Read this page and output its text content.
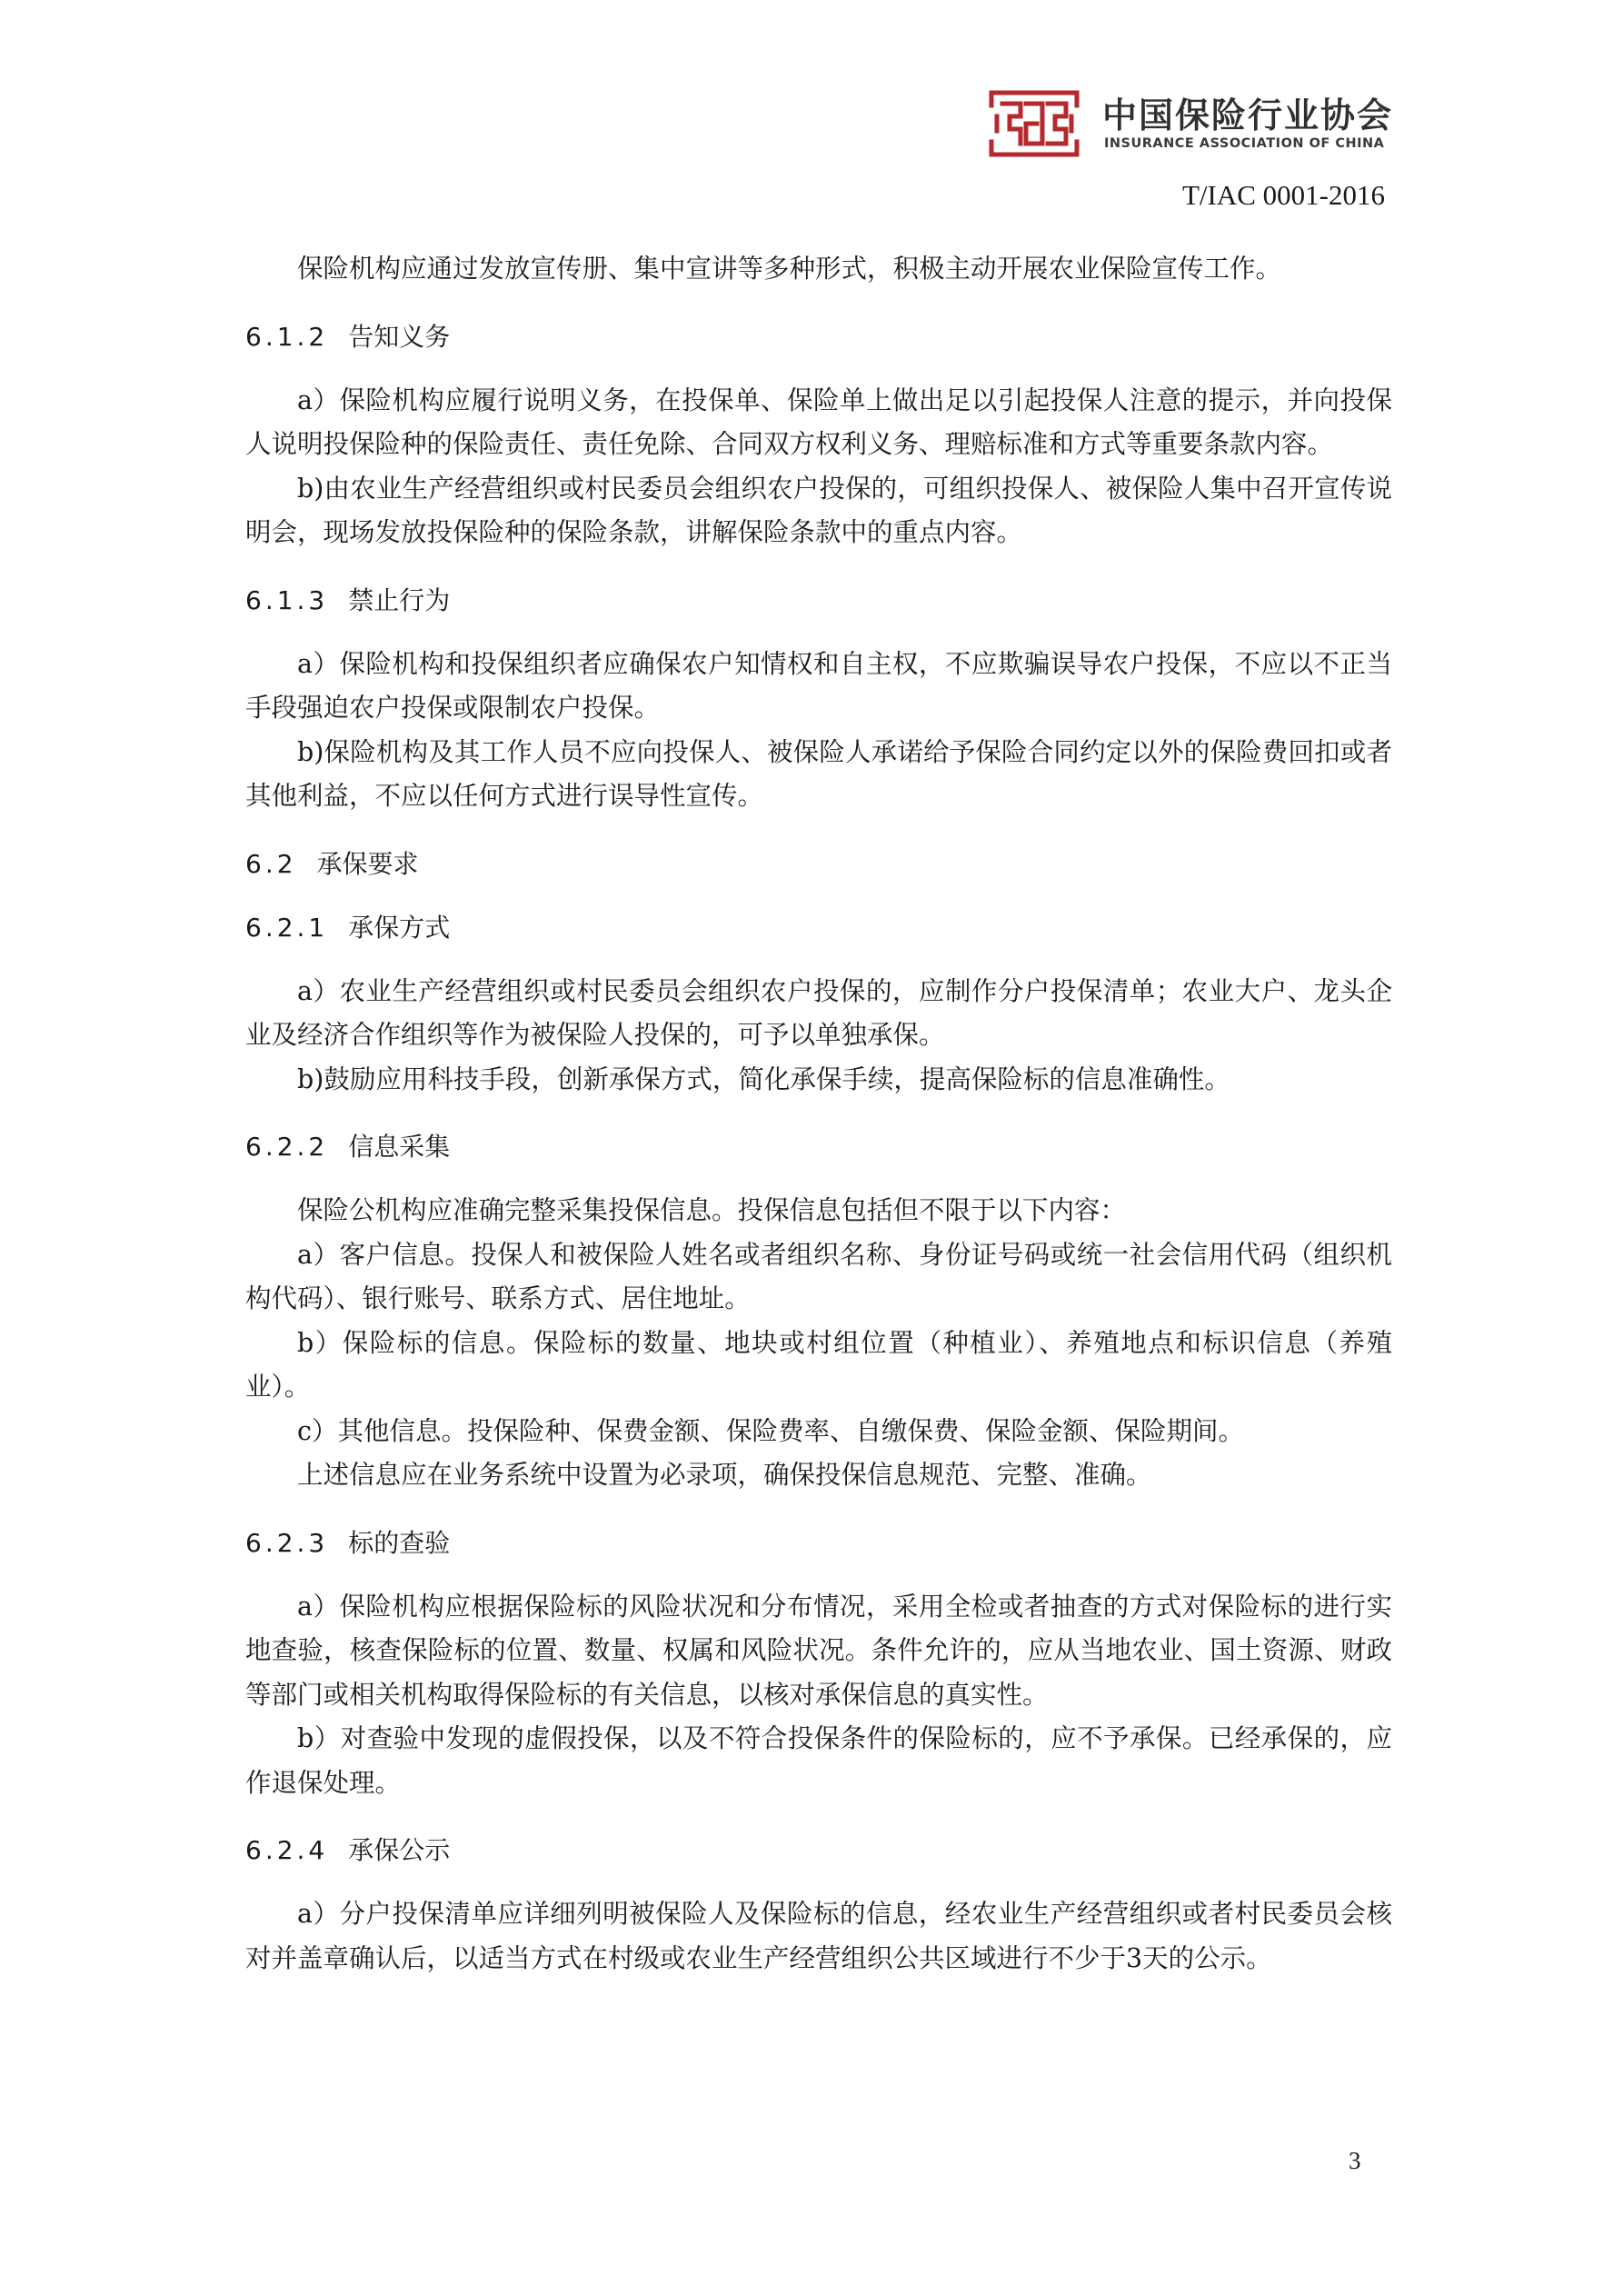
中国保险行业协会
INSURANCE ASSOCIATION OF CHINA
T/IAC 0001-2016

保险机构应通过发放宣传册、集中宣讲等多种形式，积极主动开展农业保险宣传工作。

6.1.2 告知义务

a）保险机构应履行说明义务，在投保单、保险单上做出足以引起投保人注意的提示，并向投保人说明投保险种的保险责任、责任免除、合同双方权利义务、理赔标准和方式等重要条款内容。

b)由农业生产经营组织或村民委员会组织农户投保的，可组织投保人、被保险人集中召开宣传说明会，现场发放投保险种的保险条款，讲解保险条款中的重点内容。

6.1.3 禁止行为

a）保险机构和投保组织者应确保农户知情权和自主权，不应欺骗误导农户投保，不应以不正当手段强迫农户投保或限制农户投保。

b)保险机构及其工作人员不应向投保人、被保险人承诺给予保险合同约定以外的保险费回扣或者其他利益，不应以任何方式进行误导性宣传。

6.2 承保要求
6.2.1 承保方式

a）农业生产经营组织或村民委员会组织农户投保的，应制作分户投保清单；农业大户、龙头企业及经济合作组织等作为被保险人投保的，可予以单独承保。

b)鼓励应用科技手段，创新承保方式，简化承保手续，提高保险标的信息准确性。

6.2.2 信息采集

保险公机构应准确完整采集投保信息。投保信息包括但不限于以下内容：

a）客户信息。投保人和被保险人姓名或者组织名称、身份证号码或统一社会信用代码（组织机构代码）、银行账号、联系方式、居住地址。

b）保险标的信息。保险标的数量、地块或村组位置（种植业）、养殖地点和标识信息（养殖业）。

c）其他信息。投保险种、保费金额、保险费率、自缴保费、保险金额、保险期间。

上述信息应在业务系统中设置为必录项，确保投保信息规范、完整、准确。

6.2.3 标的查验

a）保险机构应根据保险标的风险状况和分布情况，采用全检或者抽查的方式对保险标的进行实地查验，核查保险标的位置、数量、权属和风险状况。条件允许的，应从当地农业、国土资源、财政等部门或相关机构取得保险标的有关信息，以核对承保信息的真实性。

b）对查验中发现的虚假投保，以及不符合投保条件的保险标的，应不予承保。已经承保的，应作退保处理。

6.2.4 承保公示

a）分户投保清单应详细列明被保险人及保险标的信息，经农业生产经营组织或者村民委员会核对并盖章确认后，以适当方式在村级或农业生产经营组织公共区域进行不少于3天的公示。

3
